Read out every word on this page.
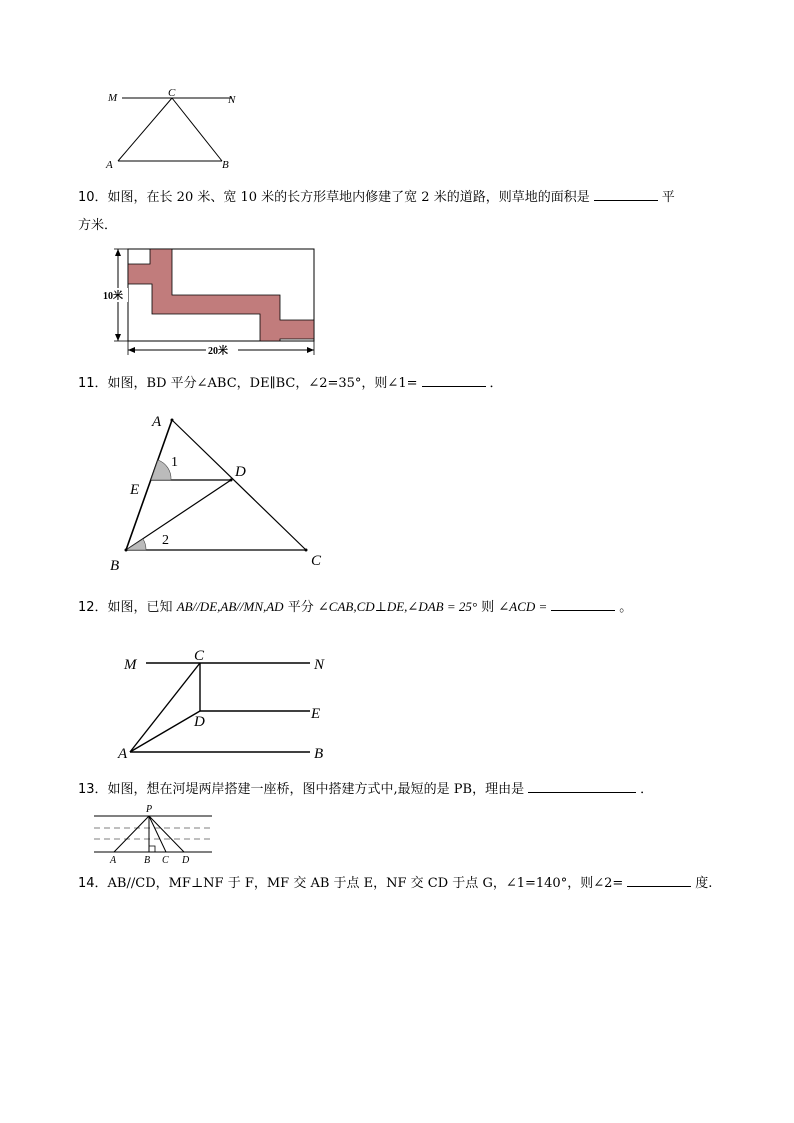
M	C
N
A	B
10．如图，在长 20 米、宽 10 米的长方形草地内修建了宽 2 米的道路，则草地的面积是	平
方米．
10米
20米
11．如图，BD 平分∠ABC，DE∥BC，∠2=35°，则∠1=	．
A
D
E
B	C
1
2
12．如图，已知 AB//DE,AB//MN,AD 平分 ∠CAB,CD⊥DE,∠DAB = 25° 则 ∠ACD =	。
M
C
N
D	E
A	B
13．如图，想在河堤两岸搭建一座桥，图中搭建方式中,最短的是 PB，理由是	．
P
A	B C D
14．AB//CD，MF⊥NF 于 F，MF 交 AB 于点 E，NF 交 CD 于点 G，∠1=140°，则∠2=	度.
